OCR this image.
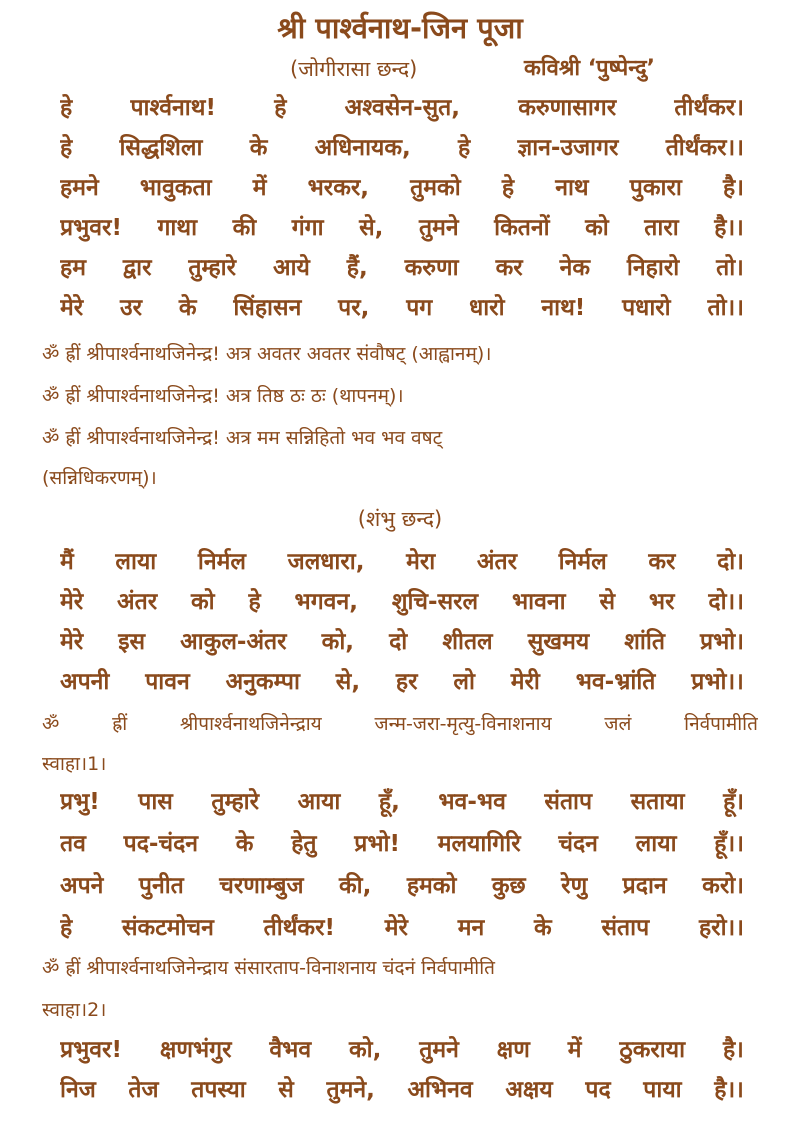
श्री पार्श्वनाथ-जिन पूजा
(जोगीरासा छन्द)	कविश्री ‘पुष्पेन्दु’
हे	पार्श्वनाथ!	हे	अश्वसेन-सुत,	करुणासागर	तीर्थंकर।
हे सिद्धशिला के अधिनायक, हे ज्ञान-उजागर तीर्थंकर।।
हमने भावुकता में भरकर, तुमको हे नाथ पुकारा है।
प्रभुवर! गाथा की गंगा से, तुमने कितनों को तारा है।।
हम द्वार तुम्हारे आये हैं, करुणा कर नेक निहारो तो।
मेरे उर के सिंहासन पर, पग धारो नाथ! पधारो तो।।
ॐ ह्रीं श्रीपार्श्वनाथजिनेन्द्र! अत्र अवतर अवतर संवौषट् (आह्वानम्)।
ॐ ह्रीं श्रीपार्श्वनाथजिनेन्द्र! अत्र तिष्ठ ठः ठः (थापनम्)।
ॐ ह्रीं श्रीपार्श्वनाथजिनेन्द्र! अत्र मम सन्निहितो भव भव वषट्
(सन्निधिकरणम्)।
(शंभु छन्द)
मैं लाया निर्मल जलधारा, मेरा अंतर निर्मल कर दो।
मेरे अंतर को हे भगवन, शुचि-सरल भावना से भर दो।।
मेरे इस आकुल-अंतर को, दो शीतल सुखमय शांति प्रभो।
अपनी पावन अनुकम्पा से, हर लो मेरी भव-भ्रांति प्रभो।।
ॐ	ह्रीं	श्रीपार्श्वनाथजिनेन्द्राय	जन्म-जरा-मृत्यु-विनाशनाय	जलं	निर्वपामीति
स्वाहा।1।
प्रभु! पास तुम्हारे आया हूँ, भव-भव संताप सताया हूँ।
तव पद-चंदन के हेतु प्रभो! मलयागिरि चंदन लाया हूँ।।
अपने पुनीत चरणाम्बुज की, हमको कुछ रेणु प्रदान करो।
हे संकटमोचन तीर्थंकर! मेरे मन के संताप हरो।।
ॐ ह्रीं श्रीपार्श्वनाथजिनेन्द्राय संसारताप-विनाशनाय चंदनं निर्वपामीति
स्वाहा।2।
प्रभुवर! क्षणभंगुर वैभव को, तुमने क्षण में ठुकराया है।
निज तेज तपस्या से तुमने, अभिनव अक्षय पद पाया है।।
